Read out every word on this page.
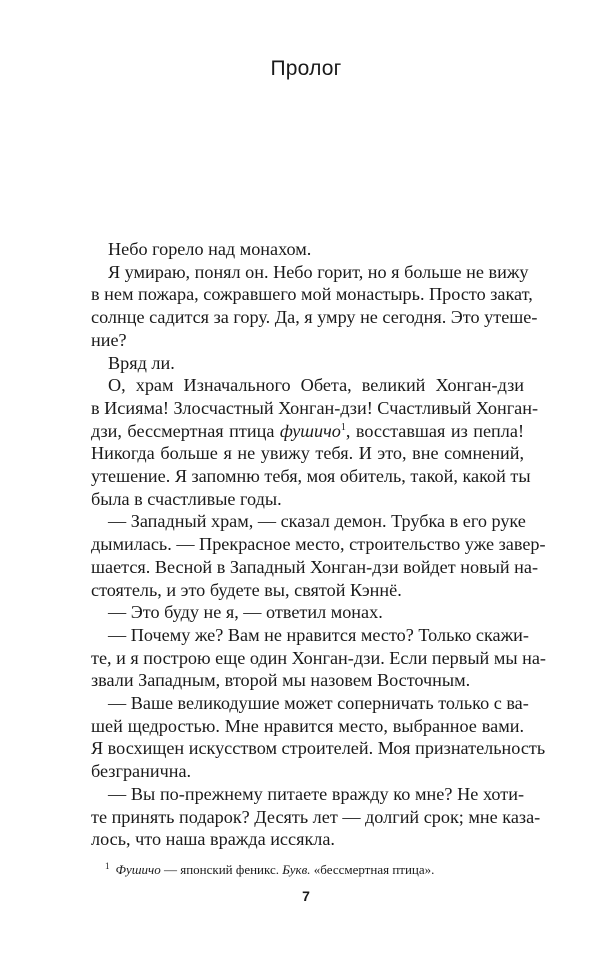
Пролог
Небо горело над монахом.
Я умираю, понял он. Небо горит, но я больше не вижу
в нем пожара, сожравшего мой монастырь. Просто закат,
солнце садится за гору. Да, я умру не сегодня. Это утеше-
ние?
Вряд ли.
О, храм Изначального Обета, великий Хонган-дзи
в Исияма! Злосчастный Хонган-дзи! Счастливый Хонган-
дзи, бессмертная птица фушичо$^1$, восставшая из пепла!
Никогда больше я не увижу тебя. И это, вне сомнений,
утешение. Я запомню тебя, моя обитель, такой, какой ты
была в счастливые годы.
— Западный храм, — сказал демон. Трубка в его руке
дымилась. — Прекрасное место, строительство уже завер-
шается. Весной в Западный Хонган-дзи войдет новый на-
стоятель, и это будете вы, святой Кэннё.
— Это буду не я, — ответил монах.
— Почему же? Вам не нравится место? Только скажи-
те, и я построю еще один Хонган-дзи. Если первый мы на-
звали Западным, второй мы назовем Восточным.
— Ваше великодушие может соперничать только с ва-
шей щедростью. Мне нравится место, выбранное вами.
Я восхищен искусством строителей. Моя признательность
безгранична.
— Вы по-прежнему питаете вражду ко мне? Не хоти-
те принять подарок? Десять лет — долгий срок; мне каза-
лось, что наша вражда иссякла.
$^1$ Фушичо — японский феникс. Букв. «бессмертная птица».
7
